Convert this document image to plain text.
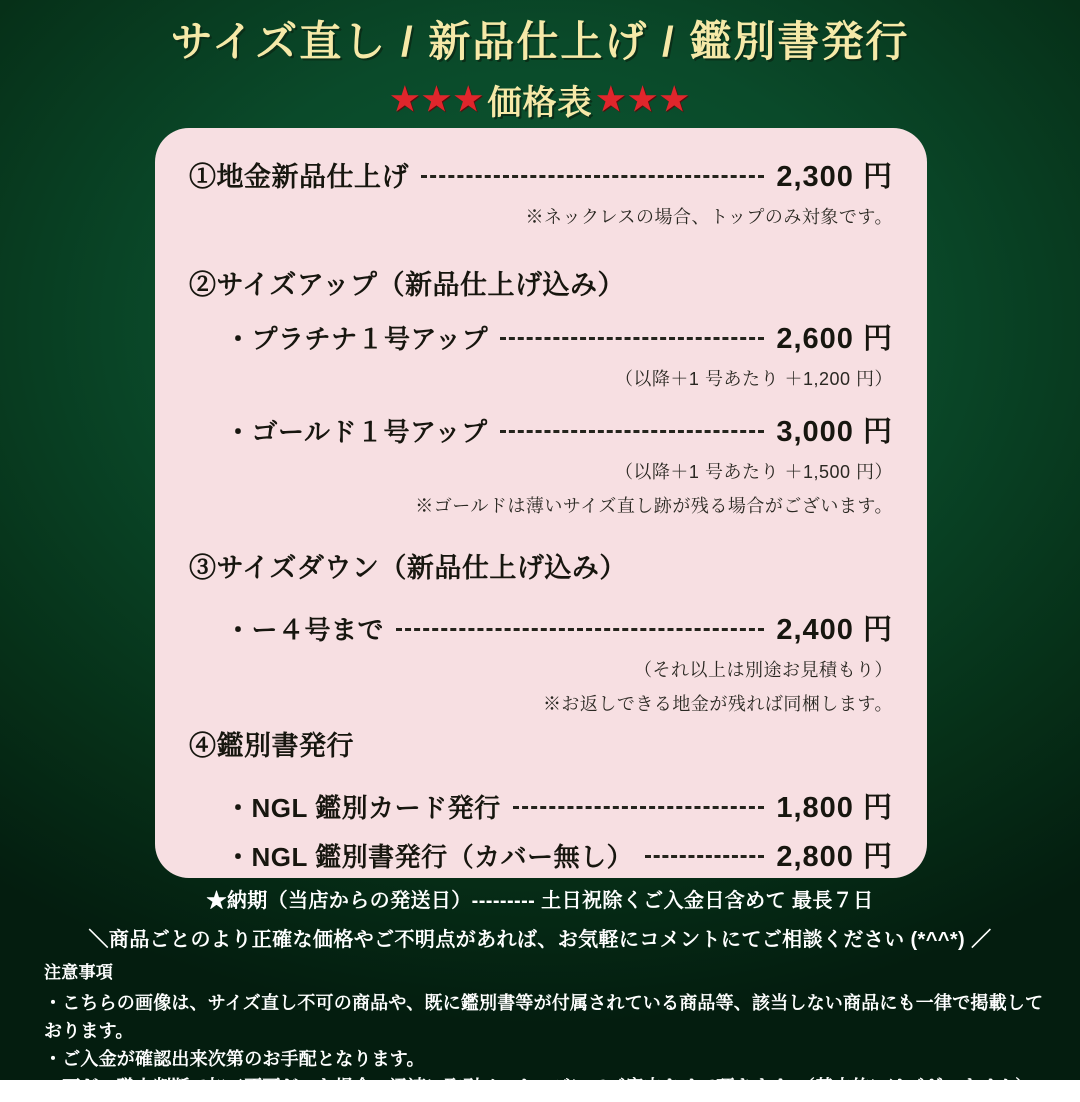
サイズ直し / 新品仕上げ / 鑑別書発行
★ ★ ★ 価格表 ★ ★ ★
①地金新品仕上げ	2,300 円
※ネックレスの場合、トップのみ対象です。
②サイズアップ（新品仕上げ込み）
・プラチナ１号アップ	2,600 円
（以降＋1 号あたり ＋1,200 円）
・ゴールド１号アップ	3,000 円
（以降＋1 号あたり ＋1,500 円）
※ゴールドは薄いサイズ直し跡が残る場合がございます。
③サイズダウン（新品仕上げ込み）
・ー４号まで	2,400 円
（それ以上は別途お見積もり）
※お返しできる地金が残れば同梱します。
④鑑別書発行
・NGL 鑑別カード発行	1,800 円
・NGL 鑑別書発行（カバー無し）	2,800 円
★納期（当店からの発送日）--------- 土日祝除くご入金日含めて 最長７日
＼商品ごとのより正確な価格やご不明点があれば、お気軽にコメントにてご相談ください (*^^*) ／
注意事項
・こちらの画像は、サイズ直し不可の商品や、既に鑑別書等が付属されている商品等、該当しない商品にも一律で掲載しております。
・ご入金が確認出来次第のお手配となります。
・万が一職人判断で加工不可だった場合、迅速に取引メッセージにてご案内させて頂きます。（基本的にはございません）
